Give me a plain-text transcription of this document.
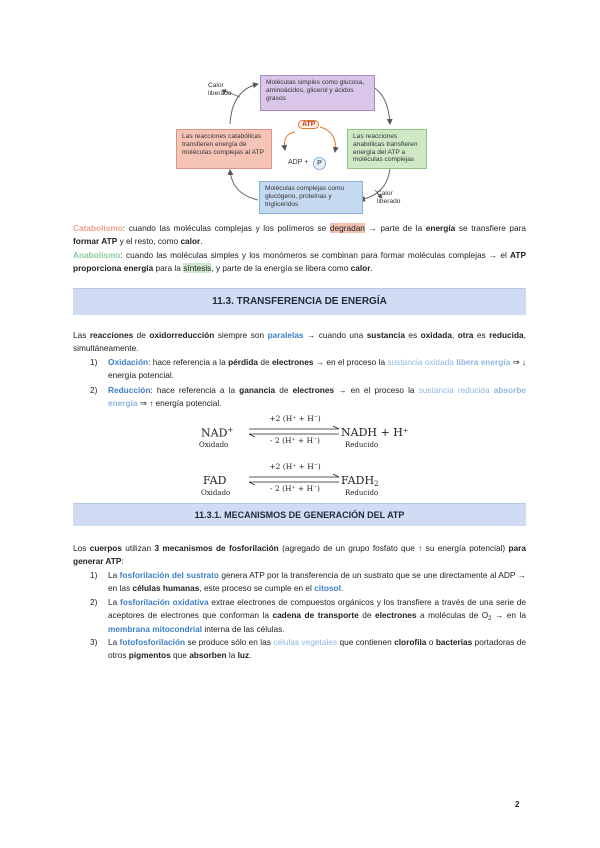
Moléculas simples como glucosa, aminoácidos, glicerol y ácidos grasos
Las reacciones catabólicas transfieren energía de moléculas complejas al ATP
Las reacciones anabólicas transfieren energía del ATP a moléculas complejas
Moléculas complejas como glucógeno, proteínas y triglicéridos
Calor liberado
Calor liberado
ATP
ADP +	P
Catabolismo: cuando las moléculas complejas y los polímeros se degradan → parte de la energía se transfiere para formar ATP y el resto, como calor.
Anabolismo: cuando las moléculas simples y los monómeros se combinan para formar moléculas complejas → el ATP proporciona energía para la síntesis, y parte de la energía se libera como calor.
11.3. TRANSFERENCIA DE ENERGÍA
Las reacciones de oxidorreducción siempre son paralelas → cuando una sustancia es oxidada, otra es reducida, simultáneamente.
1) Oxidación: hace referencia a la pérdida de electrones → en el proceso la sustancia oxidada libera energía ⇒ ↓ energía potencial.
2) Reducción: hace referencia a la ganancia de electrones → en el proceso la sustancia reducida absorbe energía ⇒ ↑ energía potencial.
NAD+
Oxidado
+2 (H⁺ + H⁻)
- 2 (H⁺ + H⁻)
NADH + H⁺
Reducido
FAD
Oxidado
+2 (H⁺ + H⁻)
- 2 (H⁺ + H⁻)
$FADH_2$
Reducido
11.3.1. MECANISMOS DE GENERACIÓN DEL ATP
Los cuerpos utilizan 3 mecanismos de fosforilación (agregado de un grupo fosfato que ↑ su energía potencial) para generar ATP:
1) La fosforilación del sustrato genera ATP por la transferencia de un sustrato que se une directamente al ADP → en las células humanas, este proceso se cumple en el citosol.
2) La fosforilación oxidativa extrae electrones de compuestos orgánicos y los transfiere a través de una serie de aceptores de electrones que conforman la cadena de transporte de electrones a moléculas de $O_2$ → en la membrana mitocondrial interna de las células.
3) La fotofosforilación se produce sólo en las células vegetales que contienen clorofila o bacterias portadoras de otros pigmentos que absorben la luz.
2
